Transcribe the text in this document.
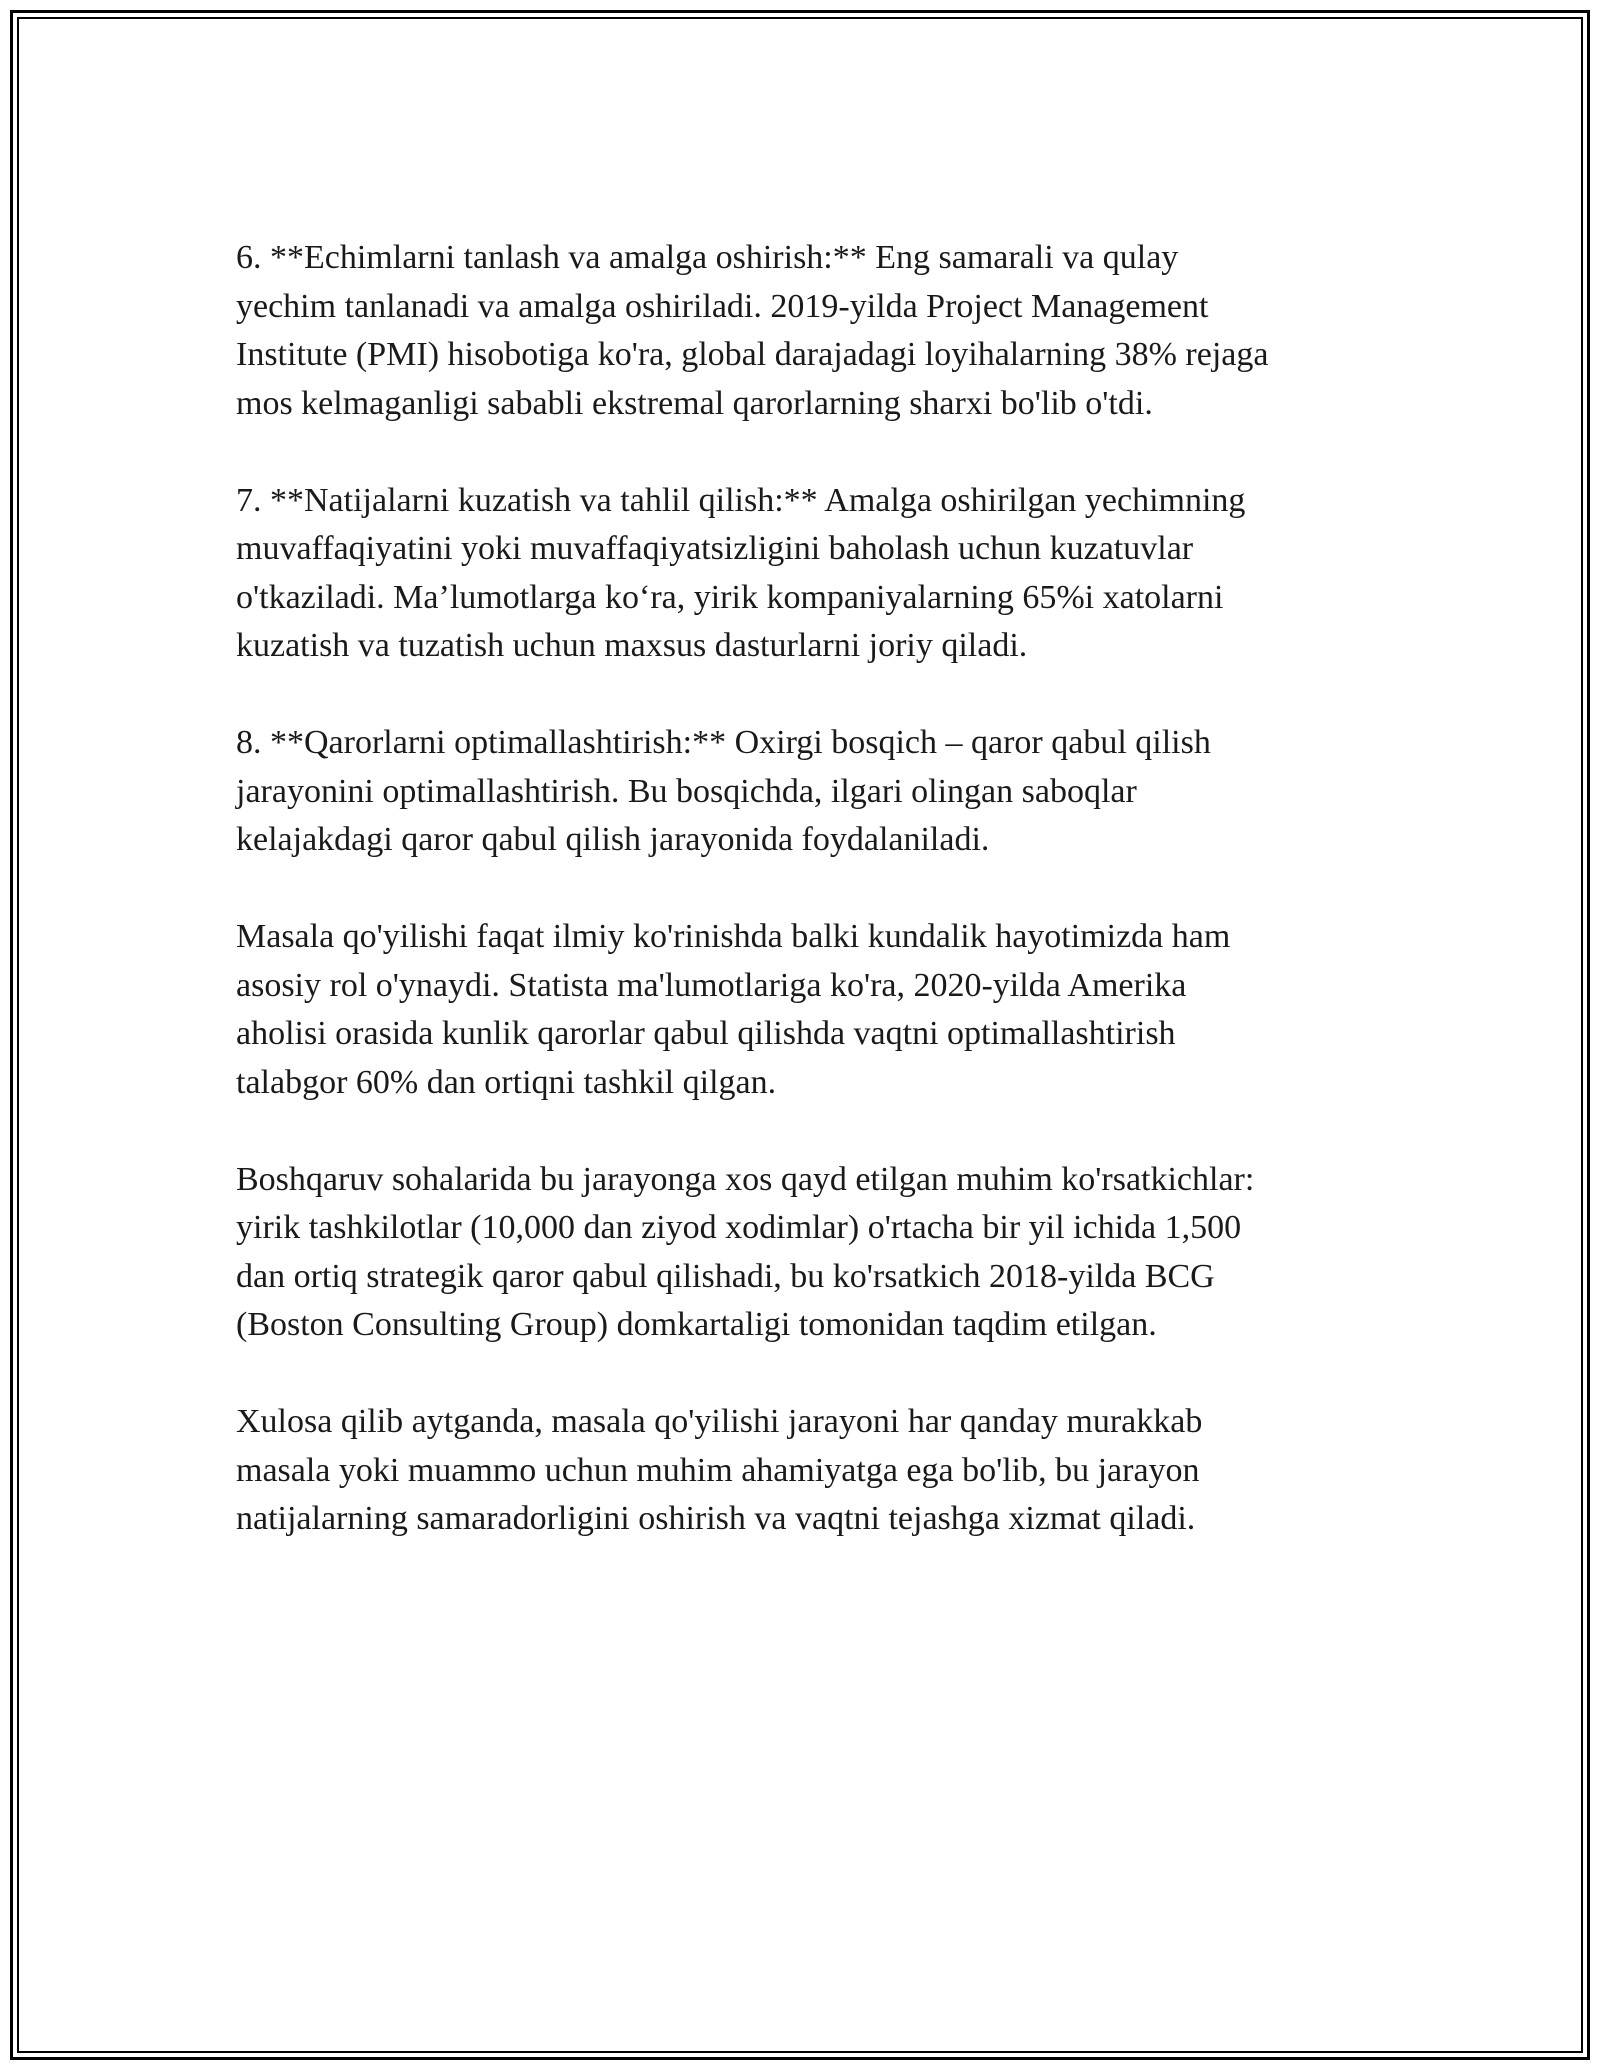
6. **Echimlarni tanlash va amalga oshirish:** Eng samarali va qulay
yechim tanlanadi va amalga oshiriladi. 2019-yilda Project Management
Institute (PMI) hisobotiga ko'ra, global darajadagi loyihalarning 38% rejaga
mos kelmaganligi sababli ekstremal qarorlarning sharxi bo'lib o'tdi.

7. **Natijalarni kuzatish va tahlil qilish:** Amalga oshirilgan yechimning
muvaffaqiyatini yoki muvaffaqiyatsizligini baholash uchun kuzatuvlar
o'tkaziladi. Ma’lumotlarga ko‘ra, yirik kompaniyalarning 65%i xatolarni
kuzatish va tuzatish uchun maxsus dasturlarni joriy qiladi.

8. **Qarorlarni optimallashtirish:** Oxirgi bosqich – qaror qabul qilish
jarayonini optimallashtirish. Bu bosqichda, ilgari olingan saboqlar
kelajakdagi qaror qabul qilish jarayonida foydalaniladi.

Masala qo'yilishi faqat ilmiy ko'rinishda balki kundalik hayotimizda ham
asosiy rol o'ynaydi. Statista ma'lumotlariga ko'ra, 2020-yilda Amerika
aholisi orasida kunlik qarorlar qabul qilishda vaqtni optimallashtirish
talabgor 60% dan ortiqni tashkil qilgan.

Boshqaruv sohalarida bu jarayonga xos qayd etilgan muhim ko'rsatkichlar:
yirik tashkilotlar (10,000 dan ziyod xodimlar) o'rtacha bir yil ichida 1,500
dan ortiq strategik qaror qabul qilishadi, bu ko'rsatkich 2018-yilda BCG
(Boston Consulting Group) domkartaligi tomonidan taqdim etilgan.

Xulosa qilib aytganda, masala qo'yilishi jarayoni har qanday murakkab
masala yoki muammo uchun muhim ahamiyatga ega bo'lib, bu jarayon
natijalarning samaradorligini oshirish va vaqtni tejashga xizmat qiladi.
